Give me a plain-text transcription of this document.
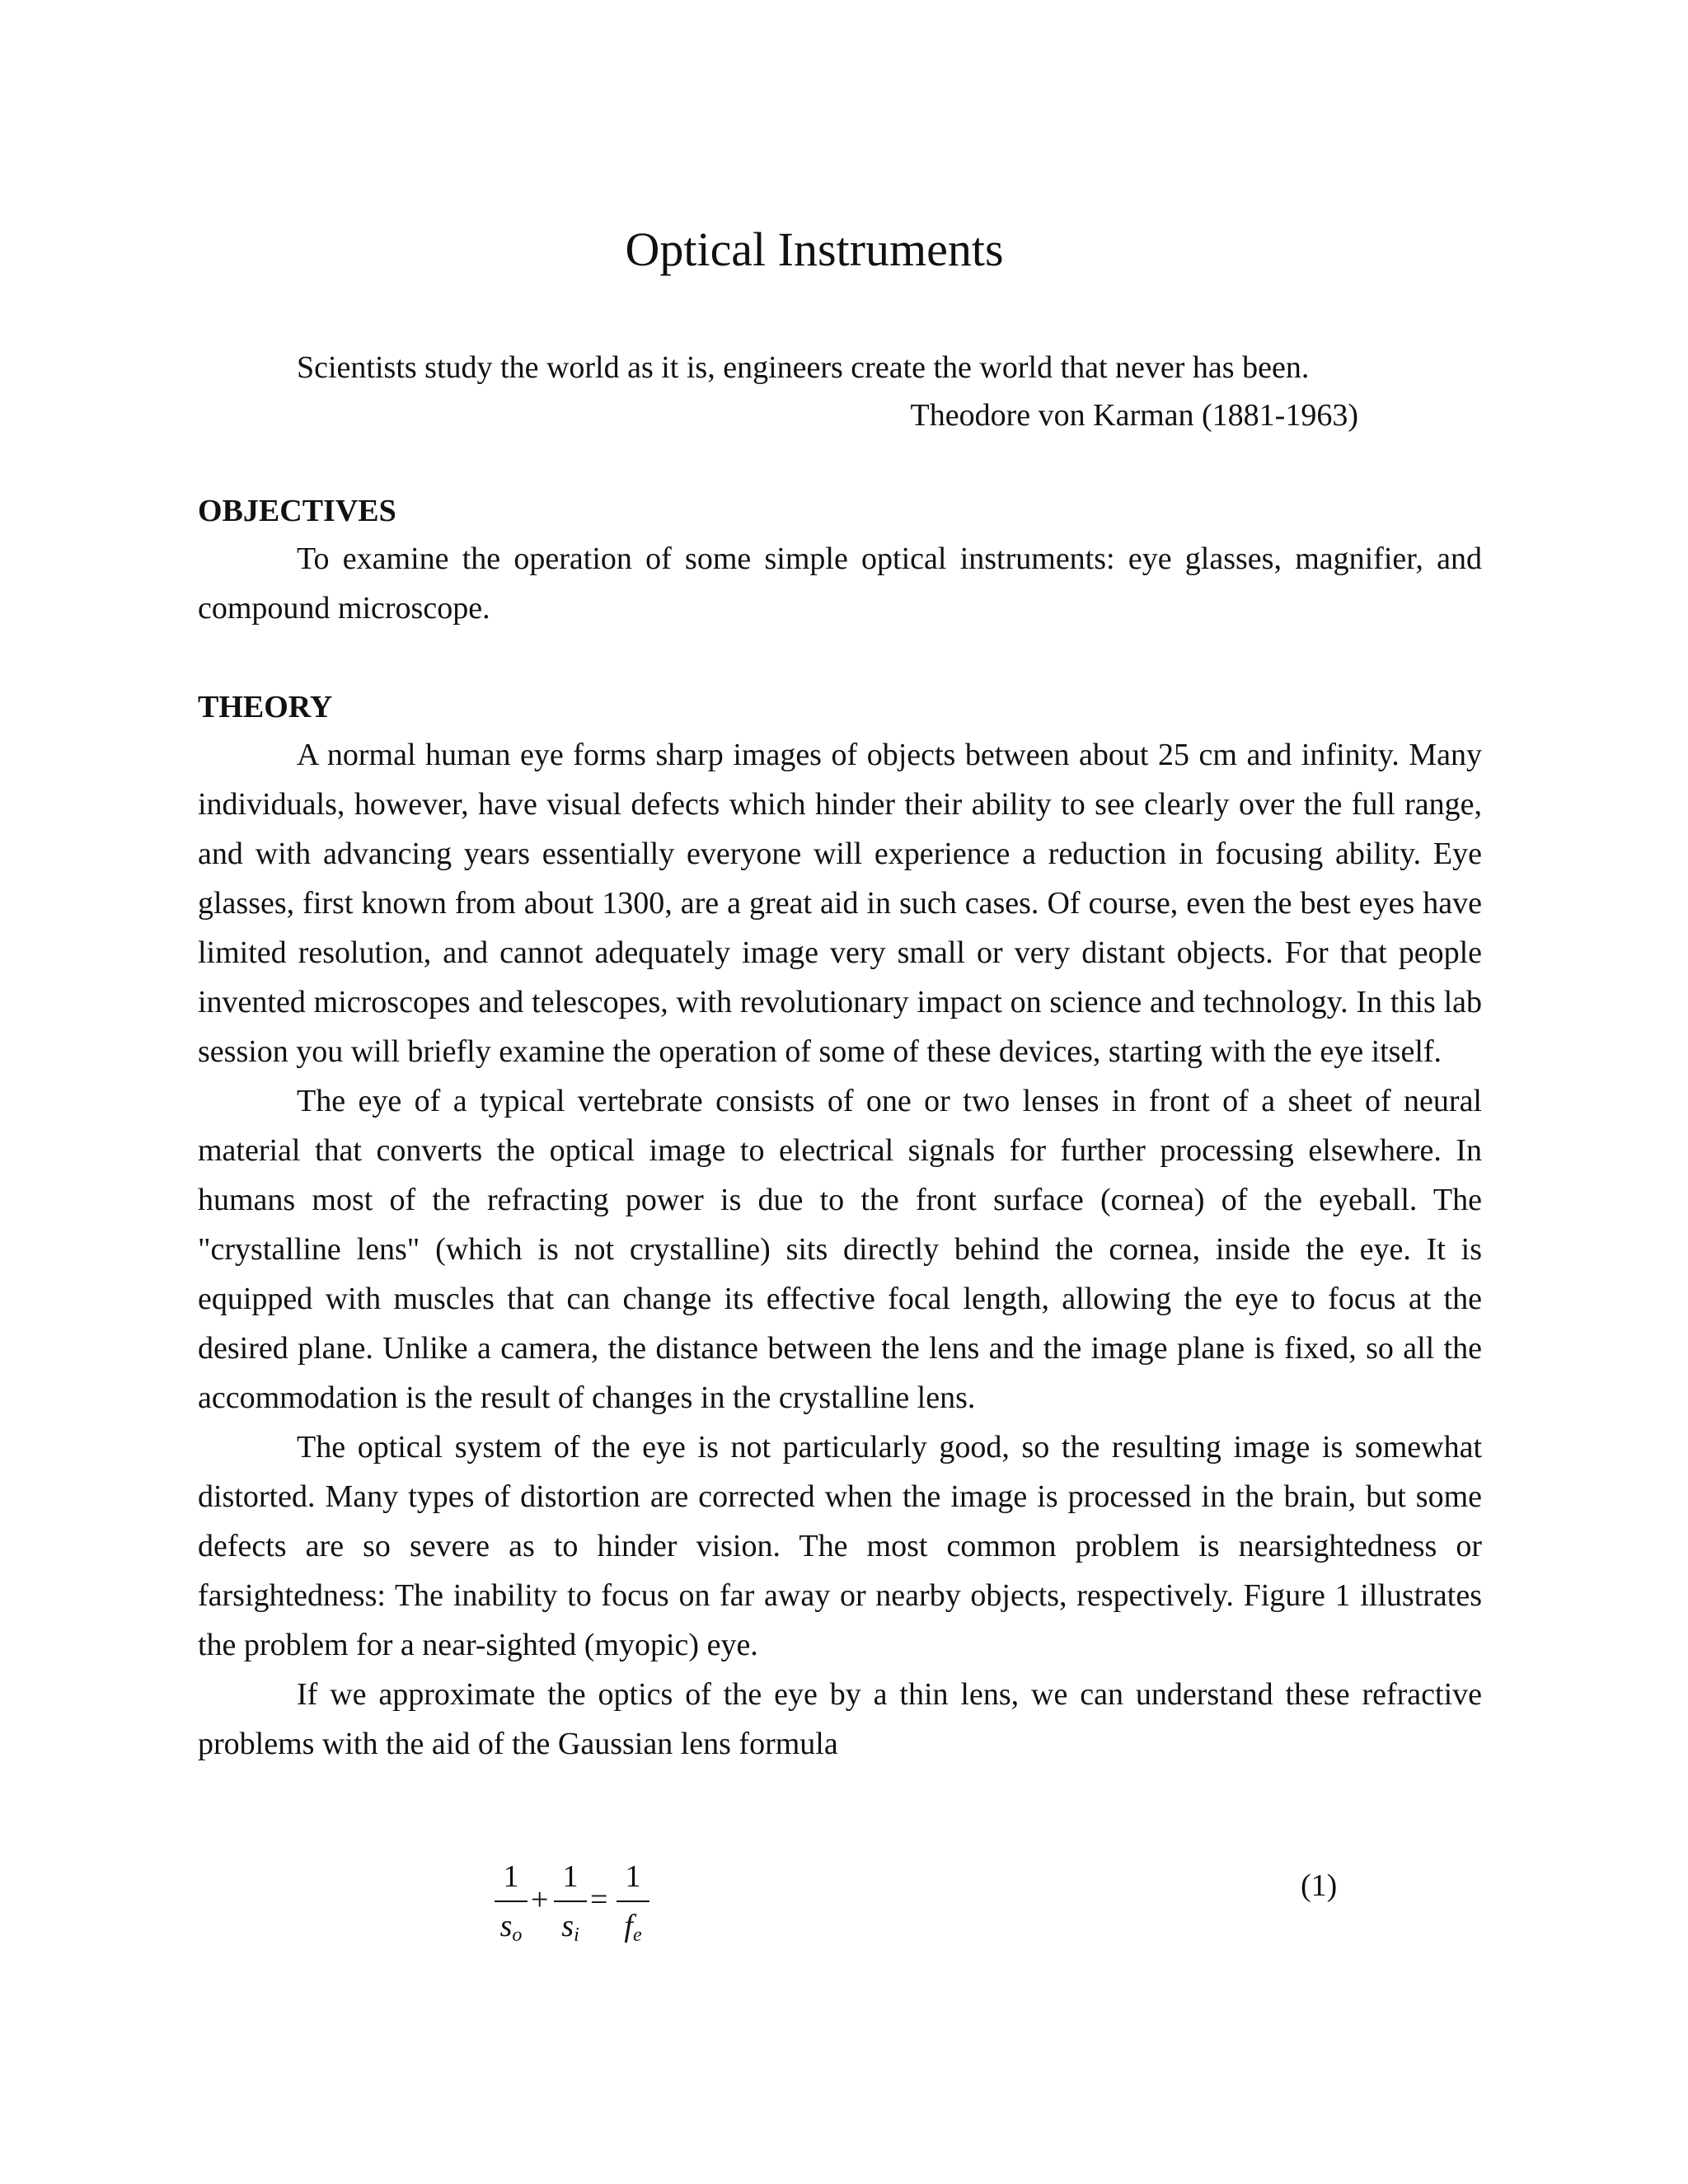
Optical Instruments

Scientists study the world as it is, engineers create the world that never has been.

Theodore von Karman (1881-1963)

OBJECTIVES

To examine the operation of some simple optical instruments: eye glasses, magnifier, and compound microscope.

THEORY

A normal human eye forms sharp images of objects between about 25 cm and infinity. Many individuals, however, have visual defects which hinder their ability to see clearly over the full range, and with advancing years essentially everyone will experience a reduction in focusing ability. Eye glasses, first known from about 1300, are a great aid in such cases. Of course, even the best eyes have limited resolution, and cannot adequately image very small or very distant objects. For that people invented microscopes and telescopes, with revolutionary impact on science and technology. In this lab session you will briefly examine the operation of some of these devices, starting with the eye itself.

The eye of a typical vertebrate consists of one or two lenses in front of a sheet of neural material that converts the optical image to electrical signals for further processing elsewhere. In humans most of the refracting power is due to the front surface (cornea) of the eyeball. The "crystalline lens" (which is not crystalline) sits directly behind the cornea, inside the eye. It is equipped with muscles that can change its effective focal length, allowing the eye to focus at the desired plane. Unlike a camera, the distance between the lens and the image plane is fixed, so all the accommodation is the result of changes in the crystalline lens.

The optical system of the eye is not particularly good, so the resulting image is somewhat distorted. Many types of distortion are corrected when the image is processed in the brain, but some defects are so severe as to hinder vision. The most common problem is nearsightedness or farsightedness: The inability to focus on far away or nearby objects, respectively. Figure 1 illustrates the problem for a near-sighted (myopic) eye.

If we approximate the optics of the eye by a thin lens, we can understand these refractive problems with the aid of the Gaussian lens formula

1
$s_o$
+
1
$s_i$
=
1
$f_e$
(1)
